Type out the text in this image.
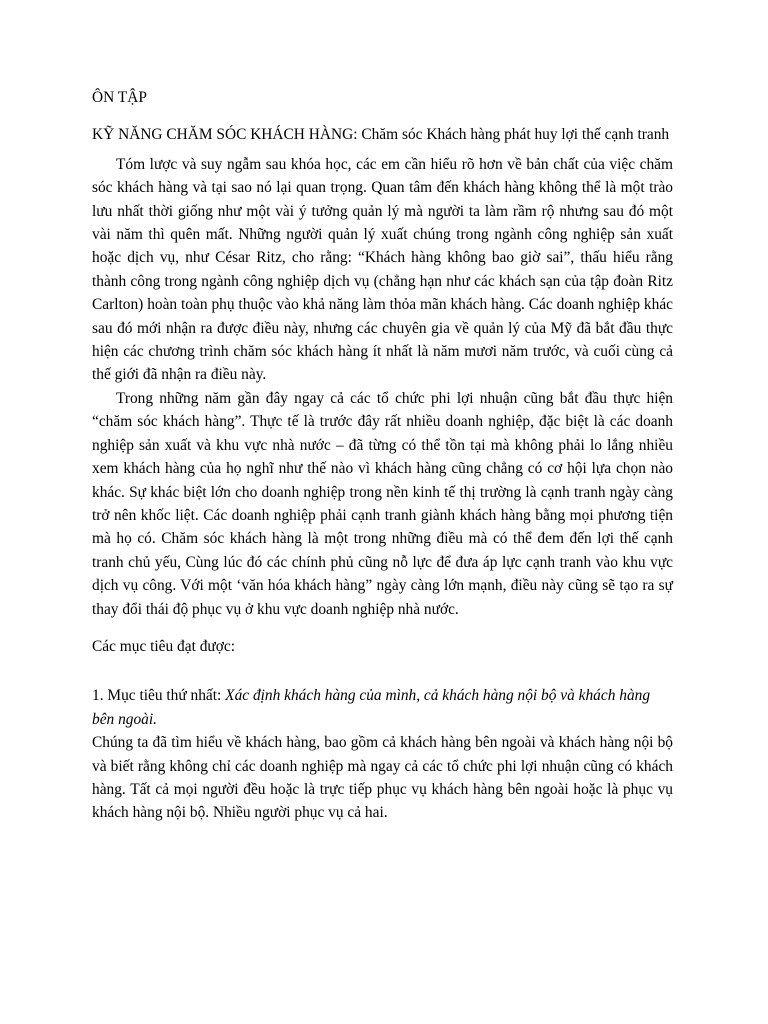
ÔN TẬP

KỸ NĂNG CHĂM SÓC KHÁCH HÀNG: Chăm sóc Khách hàng phát huy lợi thế cạnh tranh

Tóm lược và suy ngẫm sau khóa học, các em cần hiểu rõ hơn về bản chất của việc chăm sóc khách hàng và tại sao nó lại quan trọng. Quan tâm đến khách hàng không thể là một trào lưu nhất thời giống như một vài ý tưởng quản lý mà người ta làm rầm rộ nhưng sau đó một vài năm thì quên mất. Những người quản lý xuất chúng trong ngành công nghiệp sản xuất hoặc dịch vụ, như César Ritz, cho rằng: “Khách hàng không bao giờ sai”, thấu hiểu rằng thành công trong ngành công nghiệp dịch vụ (chẳng hạn như các khách sạn của tập đoàn Ritz Carlton) hoàn toàn phụ thuộc vào khả năng làm thỏa mãn khách hàng. Các doanh nghiệp khác sau đó mới nhận ra được điều này, nhưng các chuyên gia về quản lý của Mỹ đã bắt đầu thực hiện các chương trình chăm sóc khách hàng ít nhất là năm mươi năm trước, và cuối cùng cả thế giới đã nhận ra điều này.

Trong những năm gần đây ngay cả các tổ chức phi lợi nhuận cũng bắt đầu thực hiện “chăm sóc khách hàng”. Thực tế là trước đây rất nhiều doanh nghiệp, đặc biệt là các doanh nghiệp sản xuất và khu vực nhà nước – đã từng có thể tồn tại mà không phải lo lắng nhiều xem khách hàng của họ nghĩ như thế nào vì khách hàng cũng chẳng có cơ hội lựa chọn nào khác. Sự khác biệt lớn cho doanh nghiệp trong nền kinh tế thị trường là cạnh tranh ngày càng trở nên khốc liệt. Các doanh nghiệp phải cạnh tranh giành khách hàng bằng mọi phương tiện mà họ có. Chăm sóc khách hàng là một trong những điều mà có thể đem đến lợi thế cạnh tranh chủ yếu, Cùng lúc đó các chính phủ cũng nỗ lực để đưa áp lực cạnh tranh vào khu vực dịch vụ công. Với một ‘văn hóa khách hàng” ngày càng lớn mạnh, điều này cũng sẽ tạo ra sự thay đổi thái độ phục vụ ở khu vực doanh nghiệp nhà nước.

Các mục tiêu đạt được:

1. Mục tiêu thứ nhất: Xác định khách hàng của mình, cả khách hàng nội bộ và khách hàng bên ngoài.

Chúng ta đã tìm hiểu về khách hàng, bao gồm cả khách hàng bên ngoài và khách hàng nội bộ và biết rằng không chỉ các doanh nghiệp mà ngay cả các tổ chức phi lợi nhuận cũng có khách hàng. Tất cả mọi người đều hoặc là trực tiếp phục vụ khách hàng bên ngoài hoặc là phục vụ khách hàng nội bộ. Nhiều người phục vụ cả hai.
